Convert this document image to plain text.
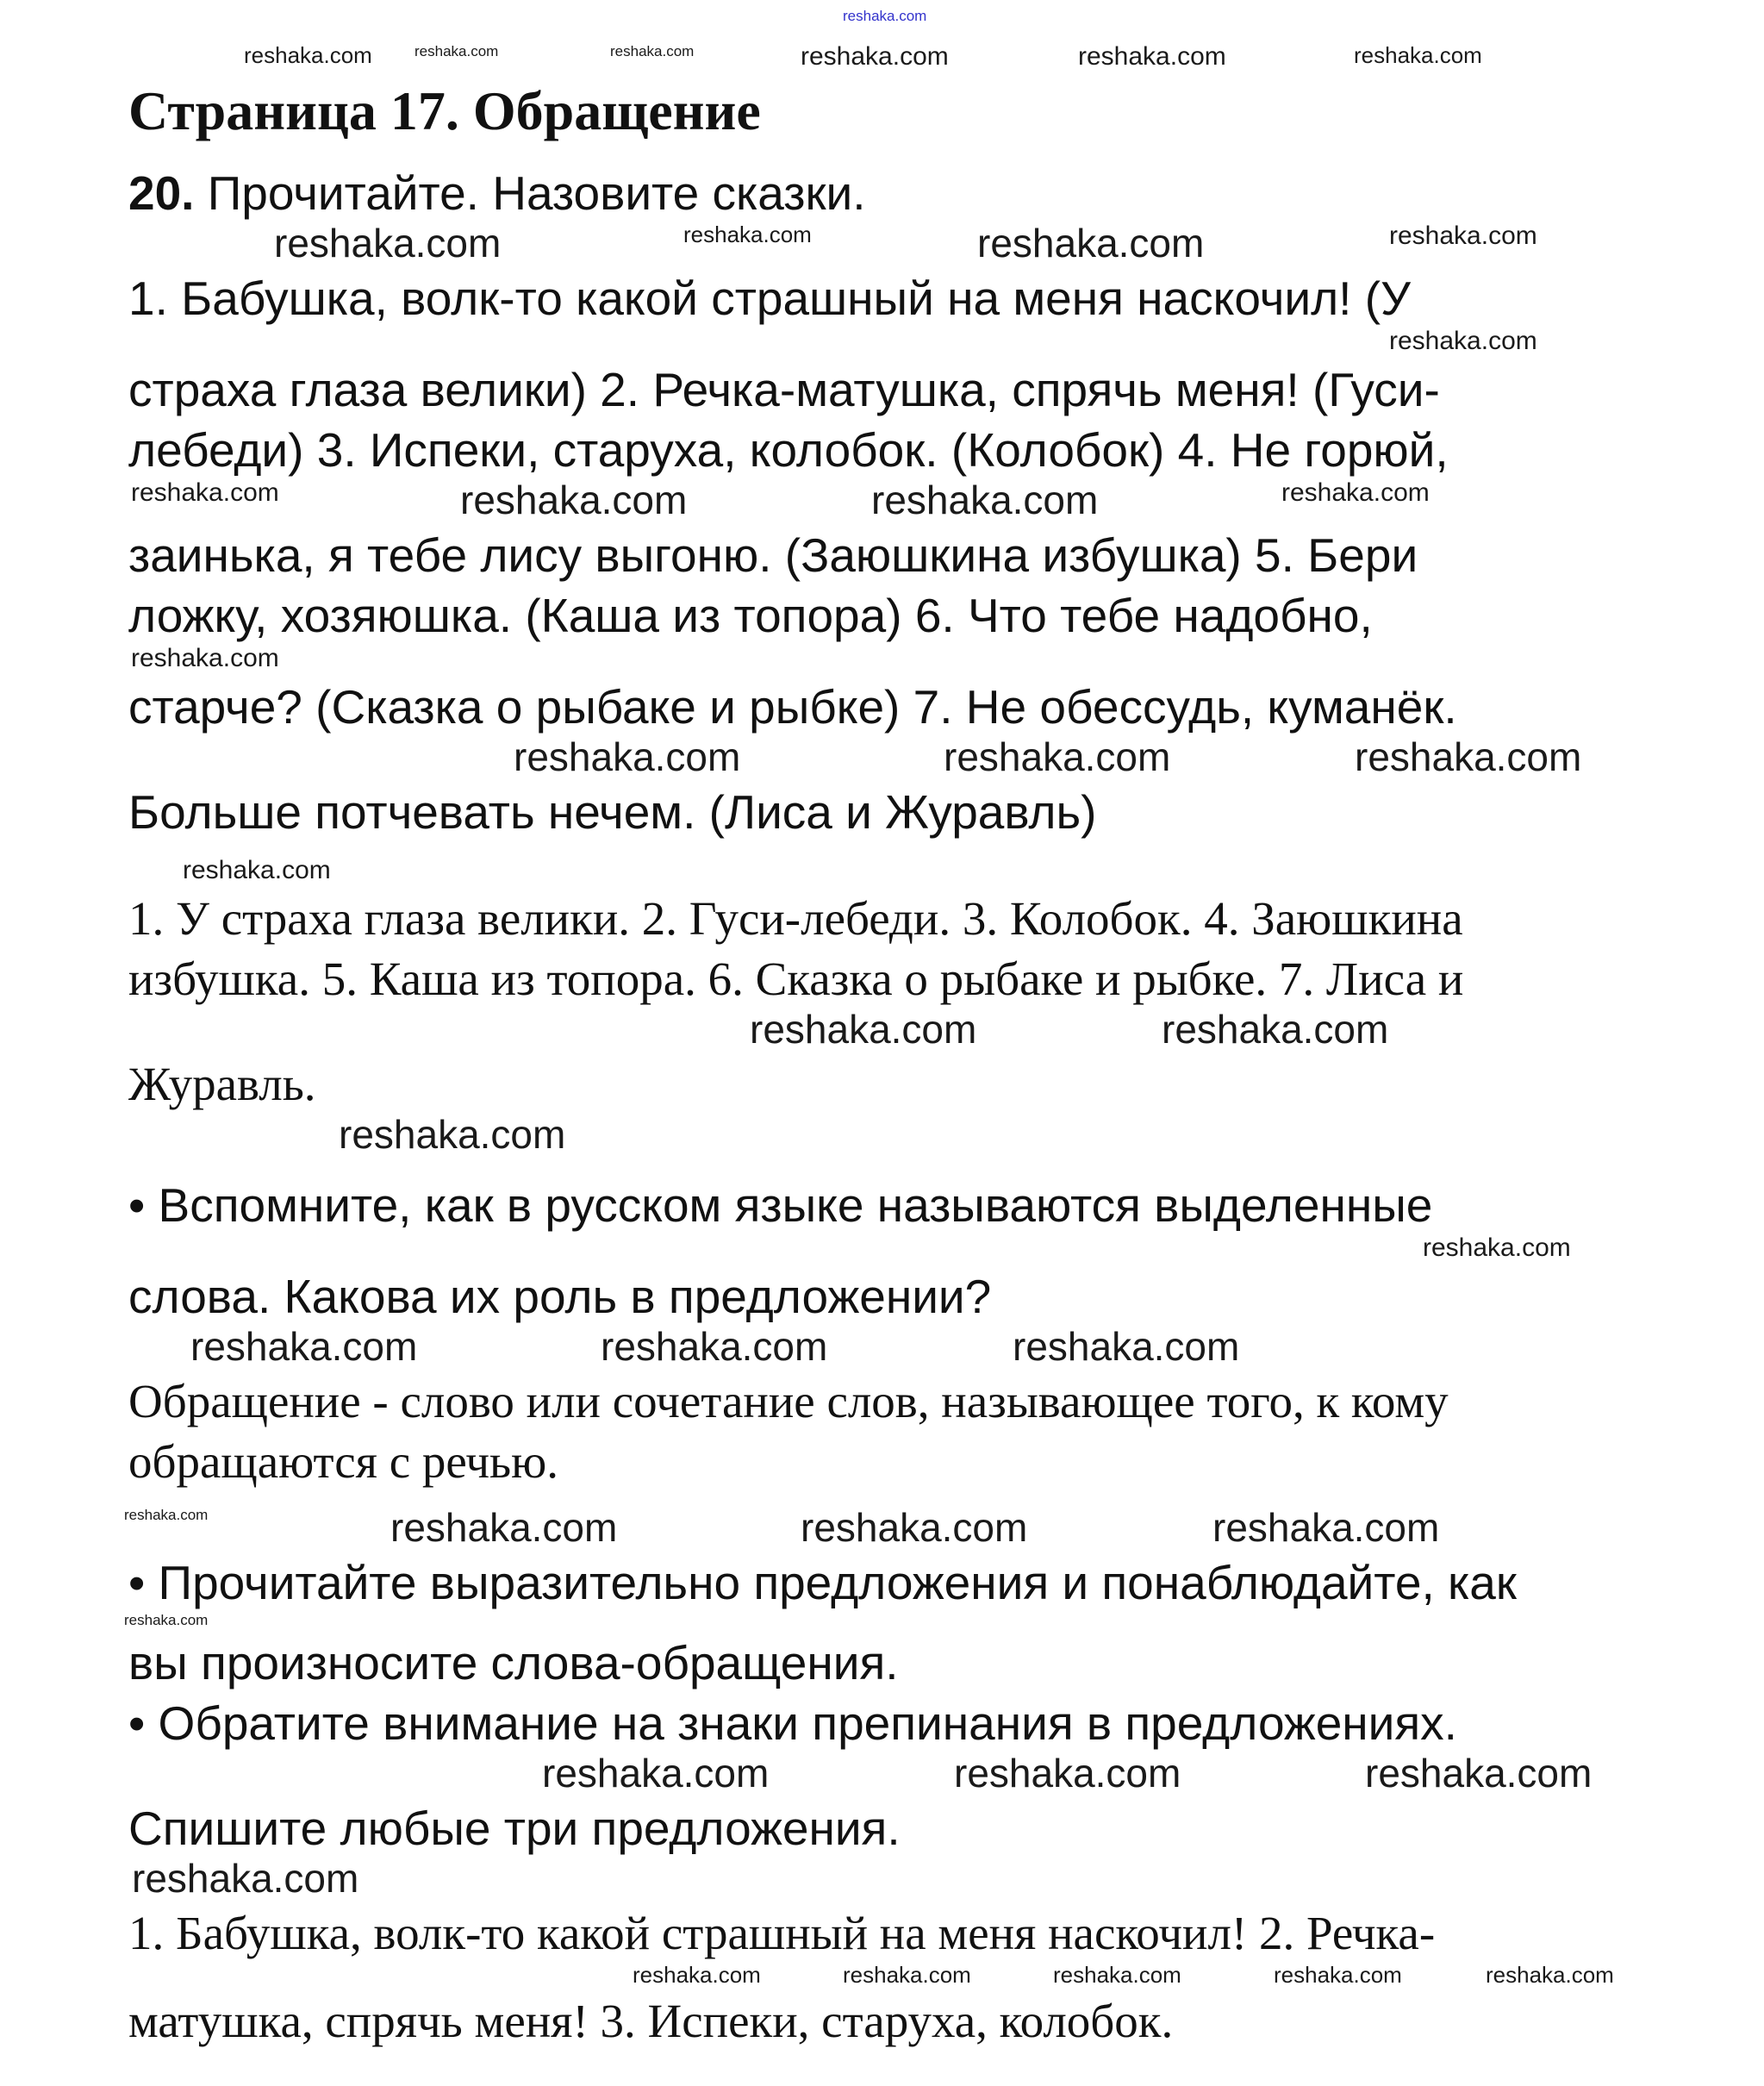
reshaka.com
reshaka.com	reshaka.com	reshaka.com	reshaka.com	reshaka.com	reshaka.com
Страница 17. Обращение
20. Прочитайте. Назовите сказки.
reshaka.com	reshaka.com	reshaka.com	reshaka.com
1. Бабушка, волк-то какой страшный на меня наскочил! (У
reshaka.com
страха глаза велики) 2. Речка-матушка, спрячь меня! (Гуси-
лебеди) 3. Испеки, старуха, колобок. (Колобок) 4. Не горюй,
reshaka.com	reshaka.com	reshaka.com	reshaka.com
заинька, я тебе лису выгоню. (Заюшкина избушка) 5. Бери
ложку, хозяюшка. (Каша из топора) 6. Что тебе надобно,
reshaka.com
старче? (Сказка о рыбаке и рыбке) 7. Не обессудь, куманёк.
reshaka.com	reshaka.com	reshaka.com
Больше потчевать нечем. (Лиса и Журавль)
reshaka.com
1. У страха глаза велики. 2. Гуси-лебеди. 3. Колобок. 4. Заюшкина
избушка. 5. Каша из топора. 6. Сказка о рыбаке и рыбке. 7. Лиса и
reshaka.com	reshaka.com
Журавль.
reshaka.com
• Вспомните, как в русском языке называются выделенные
reshaka.com
слова. Какова их роль в предложении?
reshaka.com	reshaka.com	reshaka.com
Обращение - слово или сочетание слов, называющее того, к кому
обращаются с речью.
reshaka.com	reshaka.com	reshaka.com	reshaka.com
• Прочитайте выразительно предложения и понаблюдайте, как
reshaka.com
вы произносите слова-обращения.
• Обратите внимание на знаки препинания в предложениях.
reshaka.com	reshaka.com	reshaka.com
Спишите любые три предложения.
reshaka.com
1. Бабушка, волк-то какой страшный на меня наскочил! 2. Речка-
reshaka.com	reshaka.com	reshaka.com	reshaka.com	reshaka.com
матушка, спрячь меня! 3. Испеки, старуха, колобок.
